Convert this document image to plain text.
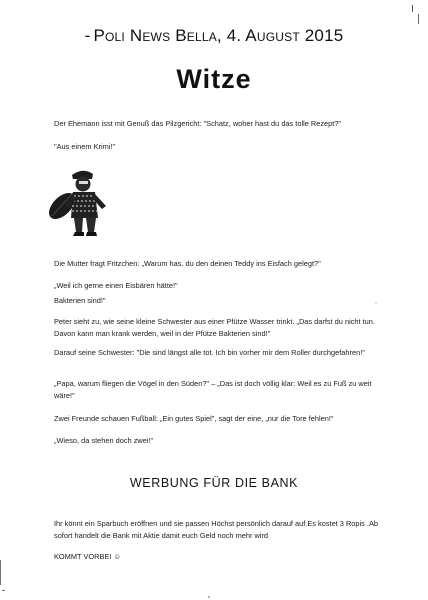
- Poli News Bella, 4. August 2015
Witze
Der Ehemann isst mit Genuß das Pilzgericht: "Schatz, woher hast du das tolle Rezept?"
"Aus einem Krimi!"
Die Mutter fragt Fritzchen: „Warum has. du den deinen Teddy ins Eisfach gelegt?"
„Weil ich gerne einen Eisbären hätte!"
Bakterien sind!"
Peter sieht zu, wie seine kleine Schwester aus einer Pfütze Wasser trinkt. „Das darfst du nicht tun. Davon kann man krank werden, weil in der Pfütze Bakterien sind!"
Darauf seine Schwester: "Die sind längst alle tot. Ich bin vorher mir dem Roller durchgefahren!"
„Papa, warum fliegen die Vögel in den Süden?" – „Das ist doch völlig klar: Weil es zu Fuß zu weit wäre!"
Zwei Freunde schauen Fußball: „Ein gutes Spiel", sagt der eine, „nur die Tore fehlen!"
„Wieso, da stehen doch zwei!"
WERBUNG FÜR DIE BANK
Ihr könnt ein Sparbuch eröffnen und sie passen Höchst persönlich darauf auf.Es kostet 3 Ropis .Ab sofort handelt die Bank mit Aktie damit euch Geld noch mehr wird
KOMMT VORBEI ☺
